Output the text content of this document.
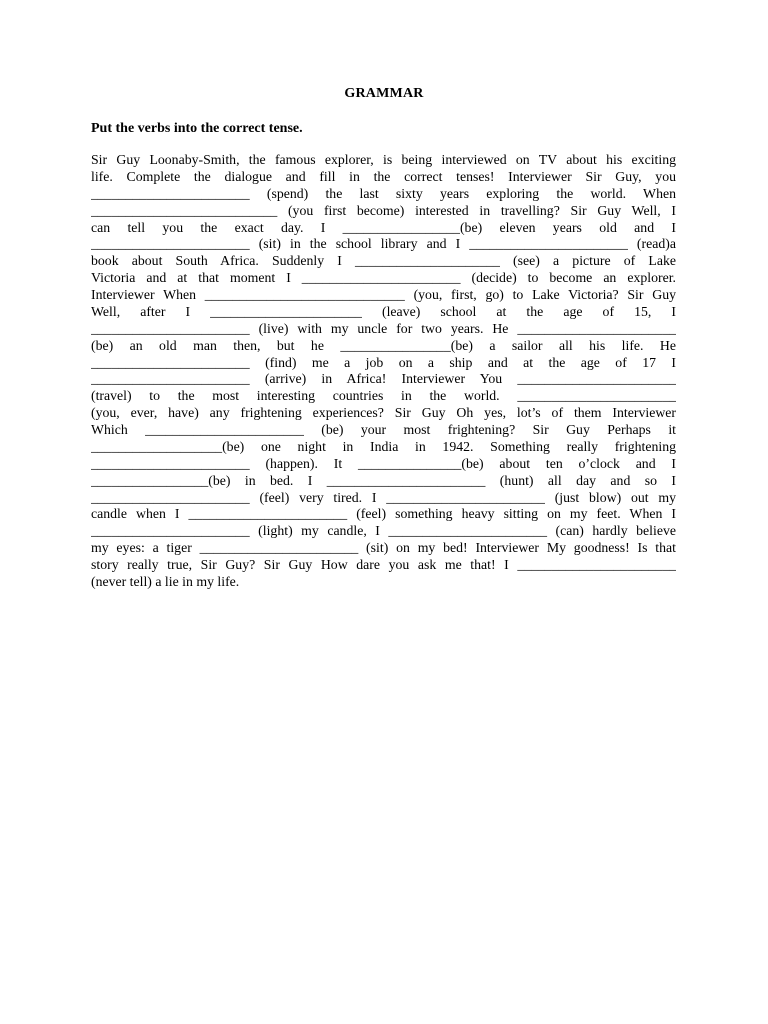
GRAMMAR
Put the verbs into the correct tense.
Sir Guy Loonaby-Smith, the famous explorer, is being interviewed on TV about his exciting
life. Complete the dialogue and fill in the correct tenses! Interviewer Sir Guy, you
_______________________ (spend) the last sixty years exploring the world. When
___________________________ (you first become) interested in travelling? Sir Guy Well, I
can tell you the exact day. I _________________(be) eleven years old and I
_______________________ (sit) in the school library and I _______________________ (read)a
book about South Africa. Suddenly I _____________________ (see) a picture of Lake
Victoria and at that moment I _______________________ (decide) to become an explorer.
Interviewer When _____________________________ (you, first, go) to Lake Victoria? Sir Guy
Well, after I ______________________ (leave) school at the age of 15, I
_______________________ (live) with my uncle for two years. He _______________________
(be) an old man then, but he ________________(be) a sailor all his life. He
_______________________ (find) me a job on a ship and at the age of 17 I
_______________________ (arrive) in Africa! Interviewer You _______________________
(travel) to the most interesting countries in the world. _______________________
(you, ever, have) any frightening experiences? Sir Guy Oh yes, lot’s of them Interviewer
Which _______________________ (be) your most frightening? Sir Guy Perhaps it
___________________(be) one night in India in 1942. Something really frightening
_______________________ (happen). It _______________(be) about ten o’clock and I
_________________(be) in bed. I _______________________ (hunt) all day and so I
_______________________ (feel) very tired. I _______________________ (just blow) out my
candle when I _______________________ (feel) something heavy sitting on my feet. When I
_______________________ (light) my candle, I _______________________ (can) hardly believe
my eyes: a tiger _______________________ (sit) on my bed! Interviewer My goodness! Is that
story really true, Sir Guy? Sir Guy How dare you ask me that! I _______________________
(never tell) a lie in my life.
